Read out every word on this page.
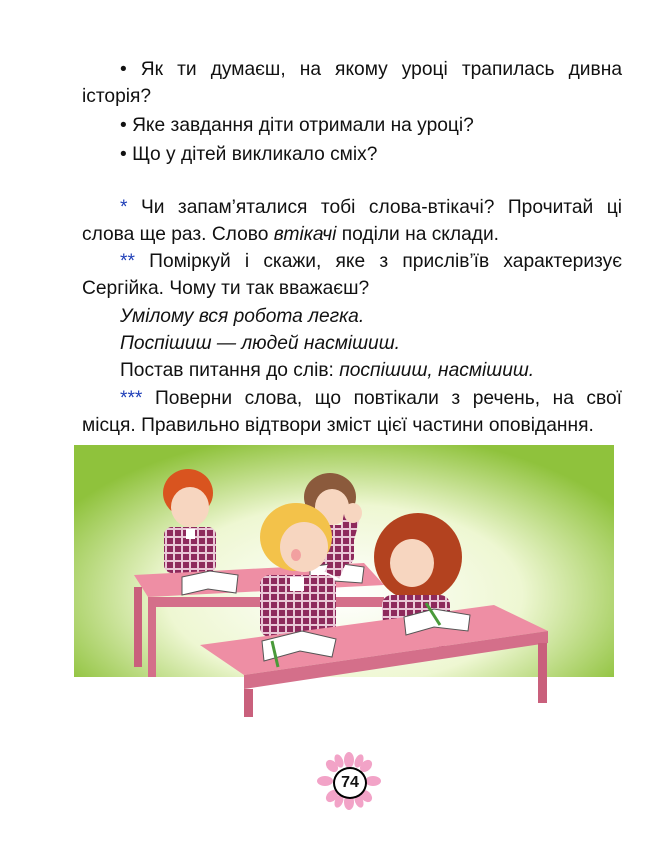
• Як ти думаєш, на якому уроці трапилась дивна
історія?
• Яке завдання діти отримали на уроці?
• Що у дітей викликало сміх?
* Чи запам’яталися тобі слова-втікачі? Прочитай ці
слова ще раз. Слово втікачі поділи на склади.
** Поміркуй і скажи, яке з прислів’їв характеризує
Сергійка. Чому ти так вважаєш?
Умілому вся робота легка.
Поспішиш — людей насмішиш.
Постав питання до слів: поспішиш, насмішиш.
*** Поверни слова, що повтікали з речень, на свої
місця. Правильно відтвори зміст цієї частини оповідання.
74
